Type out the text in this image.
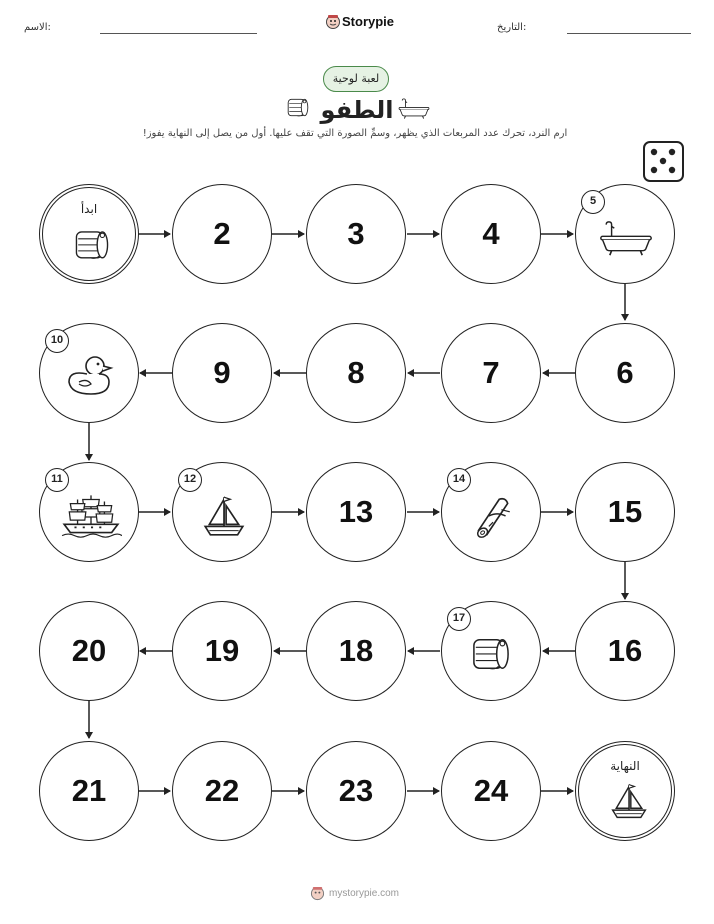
الاسم:	Storypie	التاريخ:
لعبة لوحية
الطفو
ارم النرد، تحرك عدد المربعات الذي يظهر، وسمِّ الصورة التي تقف عليها. أول من يصل إلى النهاية يفوز!
ابدأ
2	3	4
5
10
9	8	7	6
11	12
13
14
15
20	19	18
17
16
21	22	23	24
النهاية
mystorypie.com
